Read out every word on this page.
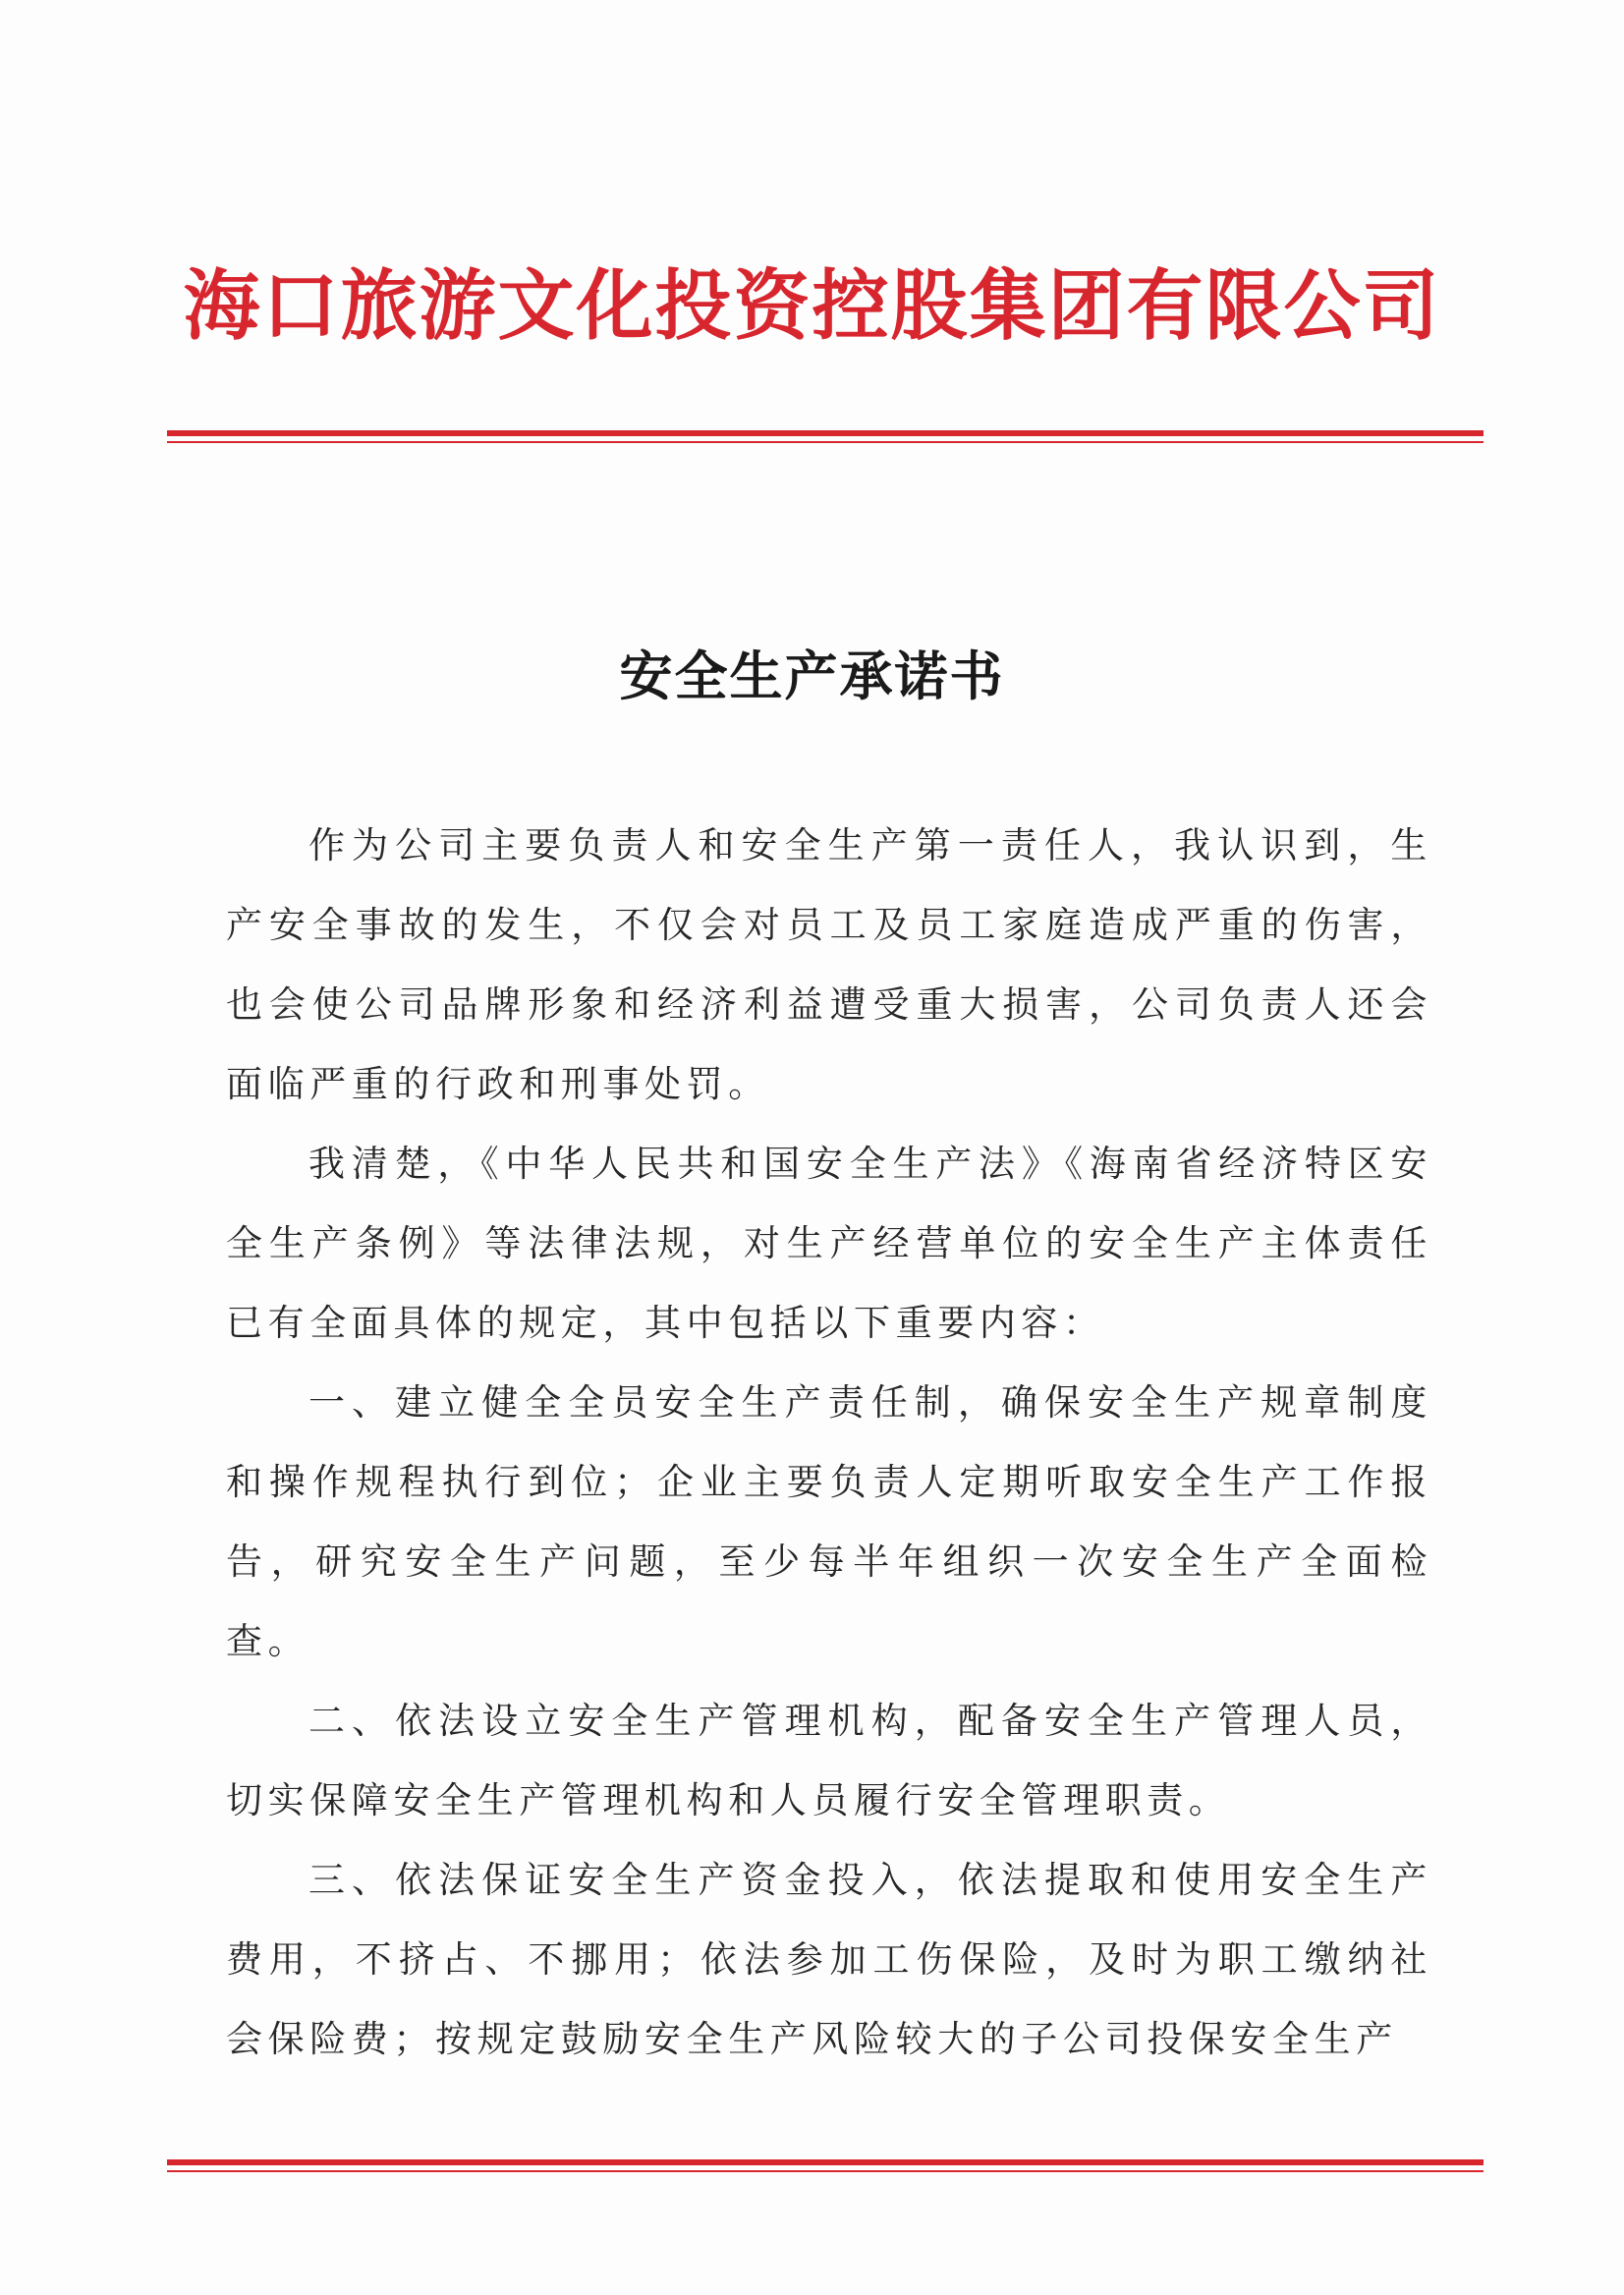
海口旅游文化投资控股集团有限公司
安全生产承诺书

作为公司主要负责人和安全生产第一责任人，我认识到，生产安全事故的发生，不仅会对员工及员工家庭造成严重的伤害，也会使公司品牌形象和经济利益遭受重大损害，公司负责人还会面临严重的行政和刑事处罚。

我清楚，《中华人民共和国安全生产法》《海南省经济特区安全生产条例》等法律法规，对生产经营单位的安全生产主体责任已有全面具体的规定，其中包括以下重要内容：

一、建立健全全员安全生产责任制，确保安全生产规章制度和操作规程执行到位；企业主要负责人定期听取安全生产工作报告，研究安全生产问题，至少每半年组织一次安全生产全面检查。

二、依法设立安全生产管理机构，配备安全生产管理人员，切实保障安全生产管理机构和人员履行安全管理职责。

三、依法保证安全生产资金投入，依法提取和使用安全生产费用，不挤占、不挪用；依法参加工伤保险，及时为职工缴纳社会保险费；按规定鼓励安全生产风险较大的子公司投保安全生产
